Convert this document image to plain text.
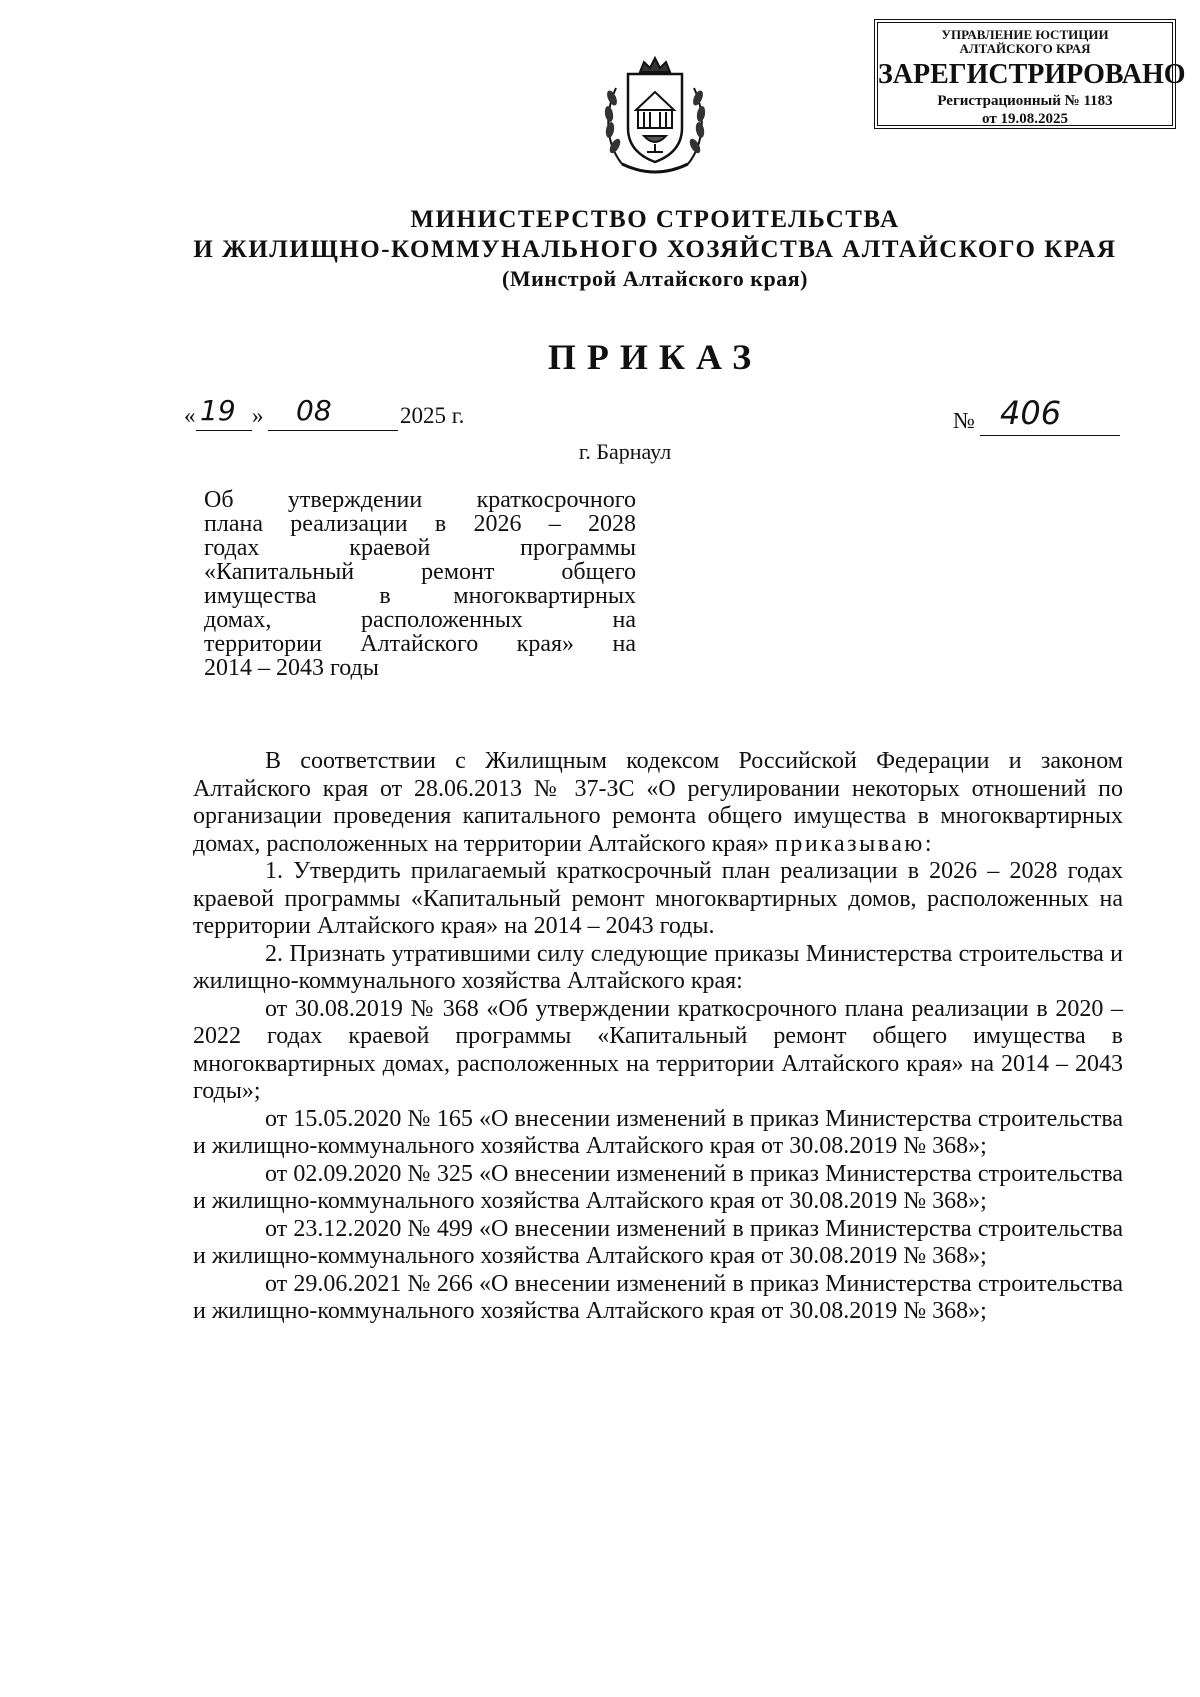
УПРАВЛЕНИЕ ЮСТИЦИИ
АЛТАЙСКОГО КРАЯ
ЗАРЕГИСТРИРОВАНО
Регистрационный № 1183
от 19.08.2025
МИНИСТЕРСТВО СТРОИТЕЛЬСТВА
И ЖИЛИЩНО-КОММУНАЛЬНОГО ХОЗЯЙСТВА АЛТАЙСКОГО КРАЯ
(Минстрой Алтайского края)
ПРИКАЗ
« 19 » 08	2025 г.	№ 406
г. Барнаул
Об утверждении краткосрочного
плана реализации в 2026 – 2028
годах краевой программы
«Капитальный ремонт общего
имущества в многоквартирных
домах, расположенных на
территории Алтайского края» на
2014 – 2043 годы

В соответствии с Жилищным кодексом Российской Федерации и законом Алтайского края от 28.06.2013 № 37-ЗС «О регулировании некоторых отношений по организации проведения капитального ремонта общего имущества в многоквартирных домах, расположенных на территории Алтайского края» приказываю:

1. Утвердить прилагаемый краткосрочный план реализации в 2026 – 2028 годах краевой программы «Капитальный ремонт многоквартирных домов, расположенных на территории Алтайского края» на 2014 – 2043 годы.

2. Признать утратившими силу следующие приказы Министерства строительства и жилищно-коммунального хозяйства Алтайского края:

от 30.08.2019 № 368 «Об утверждении краткосрочного плана реализации в 2020 – 2022 годах краевой программы «Капитальный ремонт общего имущества в многоквартирных домах, расположенных на территории Алтайского края» на 2014 – 2043 годы»;

от 15.05.2020 № 165 «О внесении изменений в приказ Министерства строительства и жилищно-коммунального хозяйства Алтайского края от 30.08.2019 № 368»;

от 02.09.2020 № 325 «О внесении изменений в приказ Министерства строительства и жилищно-коммунального хозяйства Алтайского края от 30.08.2019 № 368»;

от 23.12.2020 № 499 «О внесении изменений в приказ Министерства строительства и жилищно-коммунального хозяйства Алтайского края от 30.08.2019 № 368»;

от 29.06.2021 № 266 «О внесении изменений в приказ Министерства строительства и жилищно-коммунального хозяйства Алтайского края от 30.08.2019 № 368»;
